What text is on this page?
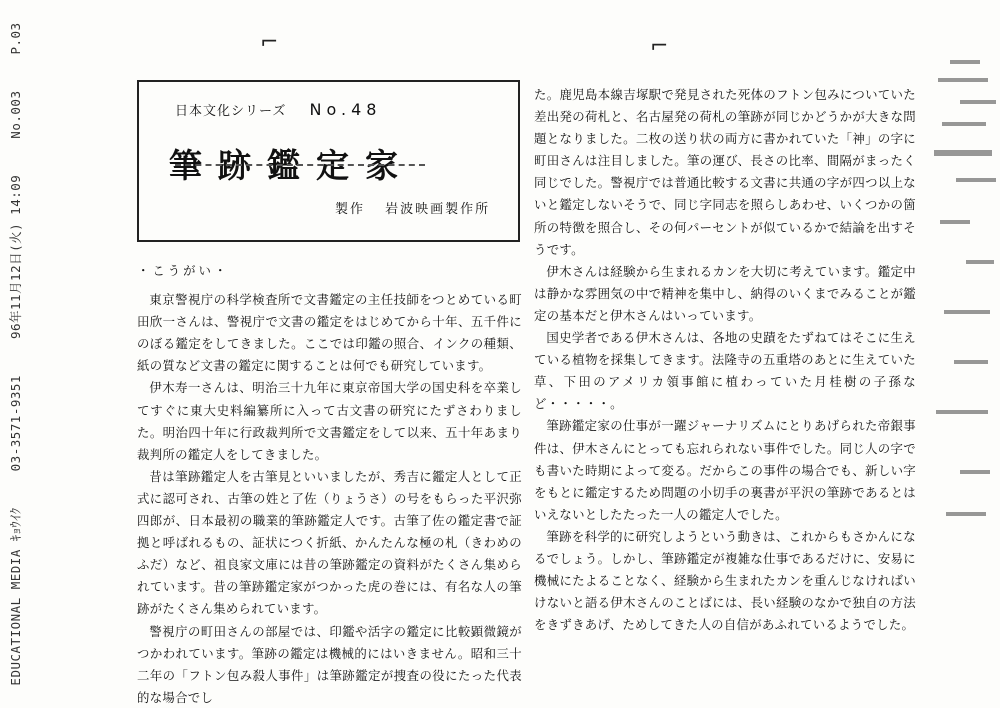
EDUCATIONAL MEDIA ｷｮｳｲｸ03-3571-935196年11月12日(火) 14:09No.003P.03	⌐	⌐
日本文化シリーズ No.48
筆跡鑑定家
製作 岩波映画製作所

・こうがい・

東京警視庁の科学検査所で文書鑑定の主任技師をつとめている町田欣一さんは、警視庁で文書の鑑定をはじめてから十年、五千件にのぼる鑑定をしてきました。ここでは印鑑の照合、インクの種類、紙の質など文書の鑑定に関することは何でも研究しています。

伊木寿一さんは、明治三十九年に東京帝国大学の国史科を卒業してすぐに東大史料編纂所に入って古文書の研究にたずさわりました。明治四十年に行政裁判所で文書鑑定をして以来、五十年あまり裁判所の鑑定人をしてきました。

昔は筆跡鑑定人を古筆見といいましたが、秀吉に鑑定人として正式に認可され、古筆の姓と了佐（りょうさ）の号をもらった平沢弥四郎が、日本最初の職業的筆跡鑑定人です。古筆了佐の鑑定書で証拠と呼ばれるもの、証状につく折紙、かんたんな極の札（きわめのふだ）など、祖良家文庫には昔の筆跡鑑定の資料がたくさん集められています。昔の筆跡鑑定家がつかった虎の巻には、有名な人の筆跡がたくさん集められています。

警視庁の町田さんの部屋では、印鑑や活字の鑑定に比較顕微鏡がつかわれています。筆跡の鑑定は機械的にはいきません。昭和三十二年の「フトン包み殺人事件」は筆跡鑑定が捜査の役にたった代表的な場合でし

た。鹿児島本線吉塚駅で発見された死体のフトン包みについていた差出発の荷札と、名古屋発の荷札の筆跡が同じかどうかが大きな問題となりました。二枚の送り状の両方に書かれていた「神」の字に町田さんは注目しました。筆の運び、長さの比率、間隔がまったく同じでした。警視庁では普通比較する文書に共通の字が四つ以上ないと鑑定しないそうで、同じ字同志を照らしあわせ、いくつかの箇所の特徴を照合し、その何パーセントが似ているかで結論を出すそうです。

伊木さんは経験から生まれるカンを大切に考えています。鑑定中は静かな雰囲気の中で精神を集中し、納得のいくまでみることが鑑定の基本だと伊木さんはいっています。

国史学者である伊木さんは、各地の史蹟をたずねてはそこに生えている植物を採集してきます。法隆寺の五重塔のあとに生えていた草、下田のアメリカ領事館に植わっていた月桂樹の子孫など・・・・・。

筆跡鑑定家の仕事が一躍ジャーナリズムにとりあげられた帝銀事件は、伊木さんにとっても忘れられない事件でした。同じ人の字でも書いた時期によって変る。だからこの事件の場合でも、新しい字をもとに鑑定するため問題の小切手の裏書が平沢の筆跡であるとはいえないとしたたった一人の鑑定人でした。

筆跡を科学的に研究しようという動きは、これからもさかんになるでしょう。しかし、筆跡鑑定が複雑な仕事であるだけに、安易に機械にたよることなく、経験から生まれたカンを重んじなければいけないと語る伊木さんのことばには、長い経験のなかで独自の方法をきずきあげ、ためしてきた人の自信があふれているようでした。
